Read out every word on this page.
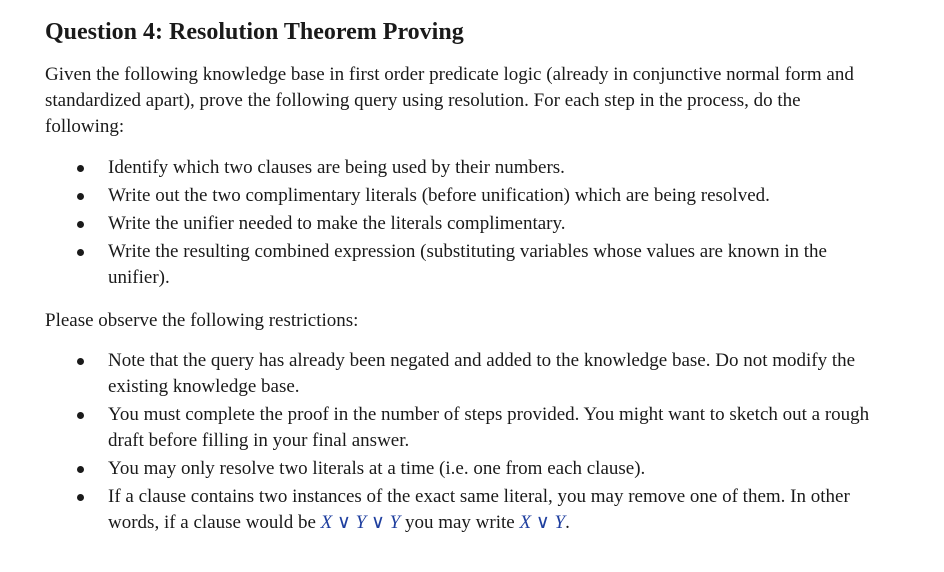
Question 4: Resolution Theorem Proving

Given the following knowledge base in first order predicate logic (already in conjunctive normal form and standardized apart), prove the following query using resolution. For each step in the process, do the following:

Identify which two clauses are being used by their numbers.
Write out the two complimentary literals (before unification) which are being resolved.
Write the unifier needed to make the literals complimentary.
Write the resulting combined expression (substituting variables whose values are known in the unifier).

Please observe the following restrictions:

Note that the query has already been negated and added to the knowledge base. Do not modify the existing knowledge base.
You must complete the proof in the number of steps provided. You might want to sketch out a rough draft before filling in your final answer.
You may only resolve two literals at a time (i.e. one from each clause).
If a clause contains two instances of the exact same literal, you may remove one of them. In other words, if a clause would be X ∨ Y ∨ Y you may write X ∨ Y.
